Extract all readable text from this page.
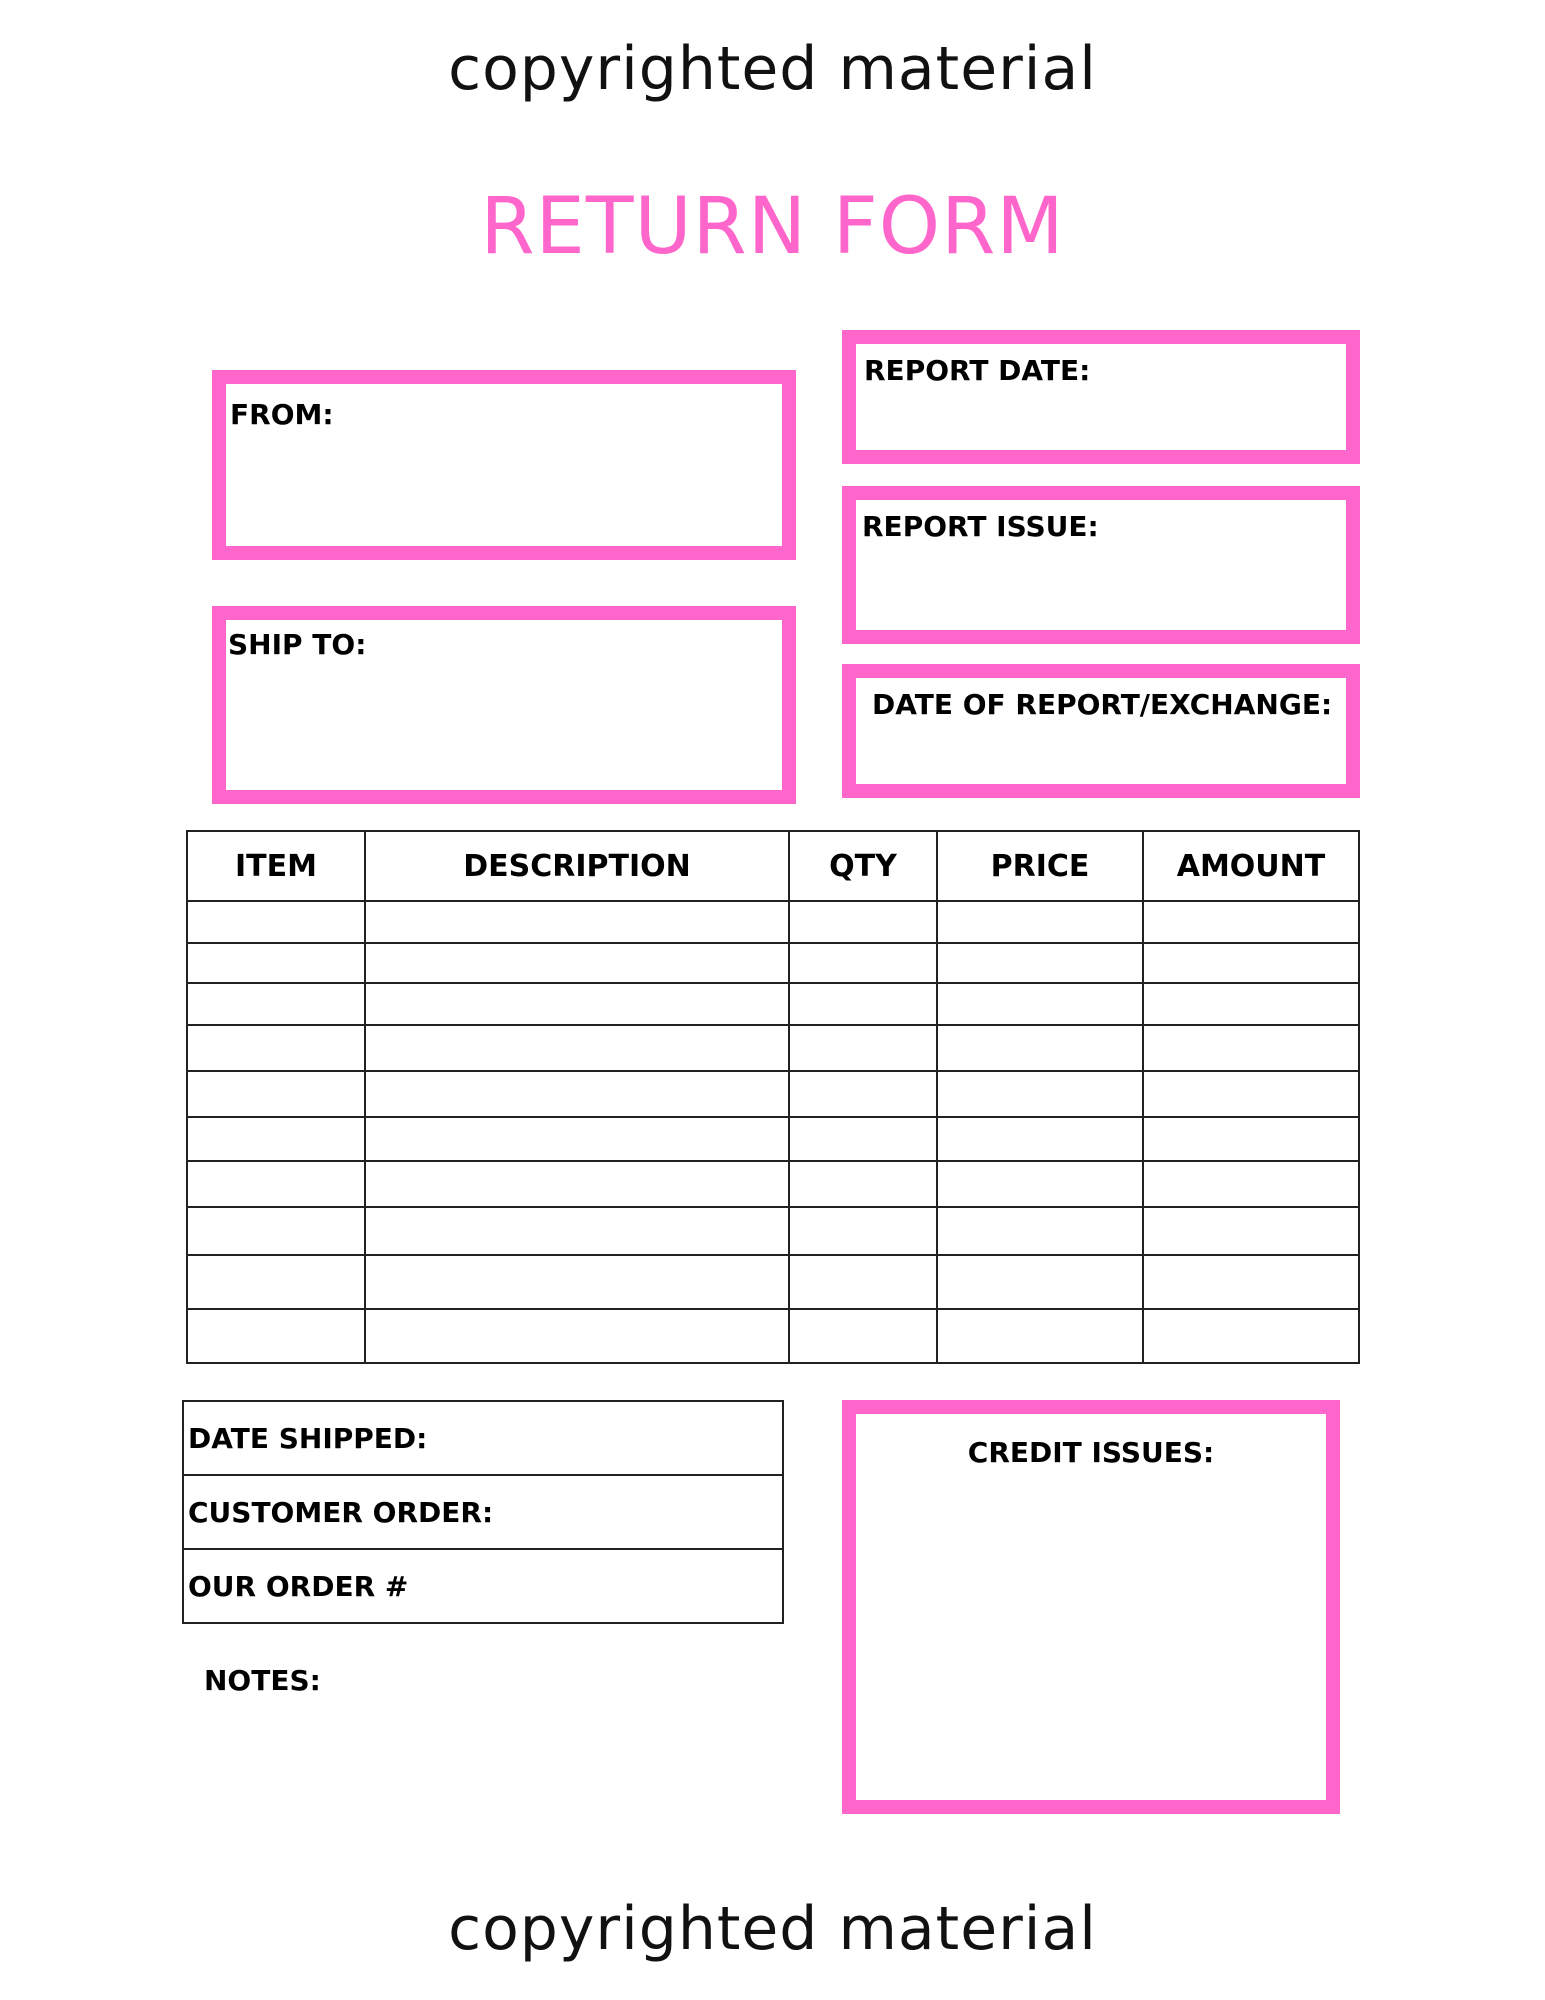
copyrighted material
RETURN FORM
FROM:
SHIP TO:
REPORT DATE:
REPORT ISSUE:
DATE OF REPORT/EXCHANGE:
ITEM	DESCRIPTION	QTY	PRICE	AMOUNT

DATE SHIPPED:
CUSTOMER ORDER:
OUR ORDER #
NOTES:
CREDIT ISSUES:
copyrighted material
